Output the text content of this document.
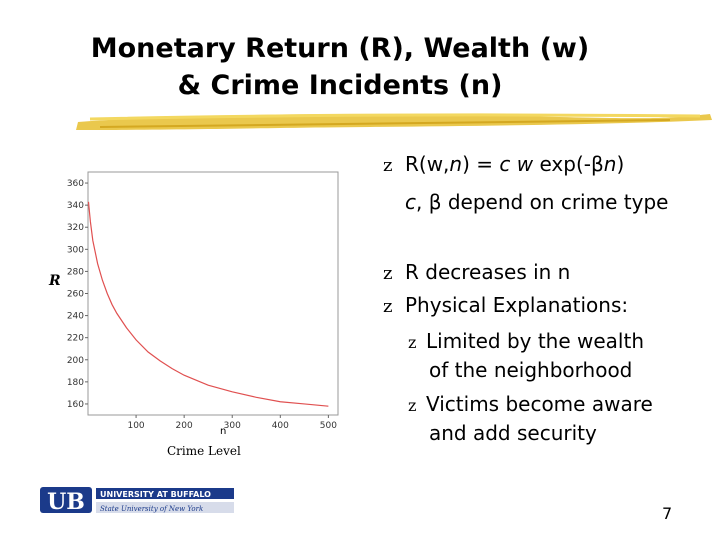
Monetary Return (R), Wealth (w)
& Crime Incidents (n)
160
180
200
220
240
260
280
300
320
340
360
100	200	300	400	500
R
n
Crime Level
z R(w,n) = c w exp(-βn)
c, β depend on crime type
z R decreases in n
z Physical Explanations:
z Limited by the wealth
of the neighborhood
z Victims become aware
and add security
UB UNIVERSITY AT BUFFALO
State University of New York	7
